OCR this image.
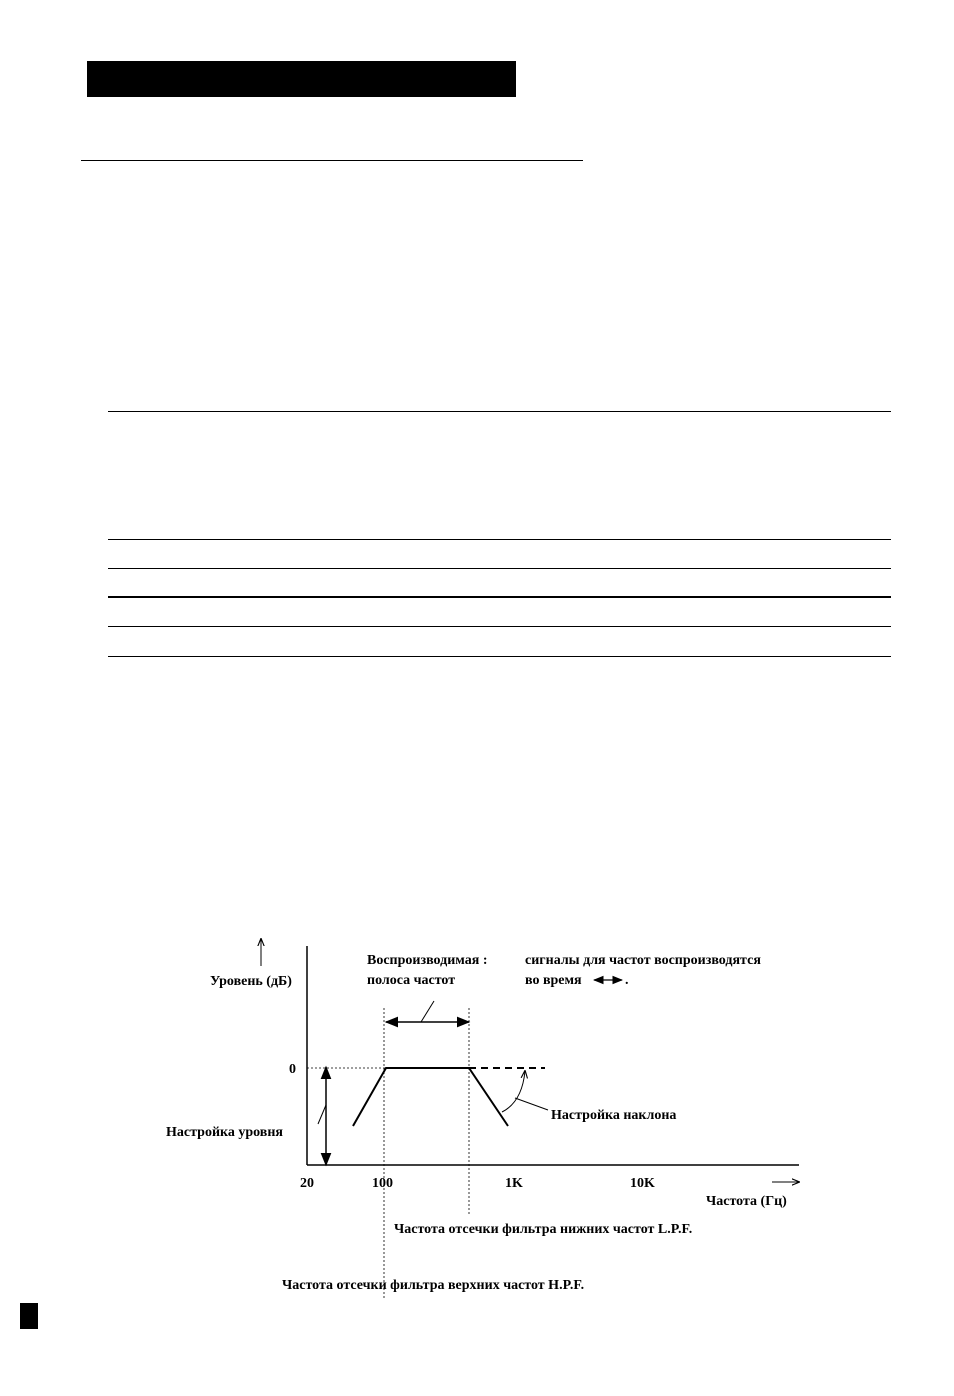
Уровень (дБ)
0
Настройка уровня
Воспроизводимая :
полоса частот
сигналы для частот воспроизводятся
во время	.
Настройка наклона
20	100	1K	10K
Частота (Гц)
Частота отсечки фильтра нижних частот L.P.F.
Частота отсечки фильтра верхних частот H.P.F.
